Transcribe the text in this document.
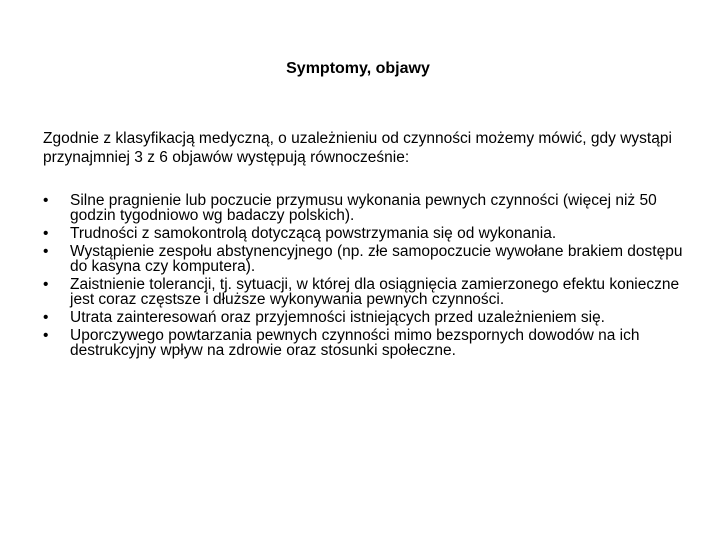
Symptomy, objawy
Zgodnie z klasyfikacją medyczną, o uzależnieniu od czynności możemy mówić, gdy wystąpi przynajmniej 3 z 6 objawów występują równocześnie:
•	Silne pragnienie lub poczucie przymusu wykonania pewnych czynności (więcej niż 50 godzin tygodniowo wg badaczy polskich).
•	Trudności z samokontrolą dotyczącą powstrzymania się od wykonania.
•	Wystąpienie zespołu abstynencyjnego (np. złe samopoczucie wywołane brakiem dostępu do kasyna czy komputera).
•	Zaistnienie tolerancji, tj. sytuacji, w której dla osiągnięcia zamierzonego efektu konieczne jest coraz częstsze i dłuższe wykonywania pewnych czynności.
•	Utrata zainteresowań oraz przyjemności istniejących przed uzależnieniem się.
•	Uporczywego powtarzania pewnych czynności mimo bezspornych dowodów na ich destrukcyjny wpływ na zdrowie oraz stosunki społeczne.
